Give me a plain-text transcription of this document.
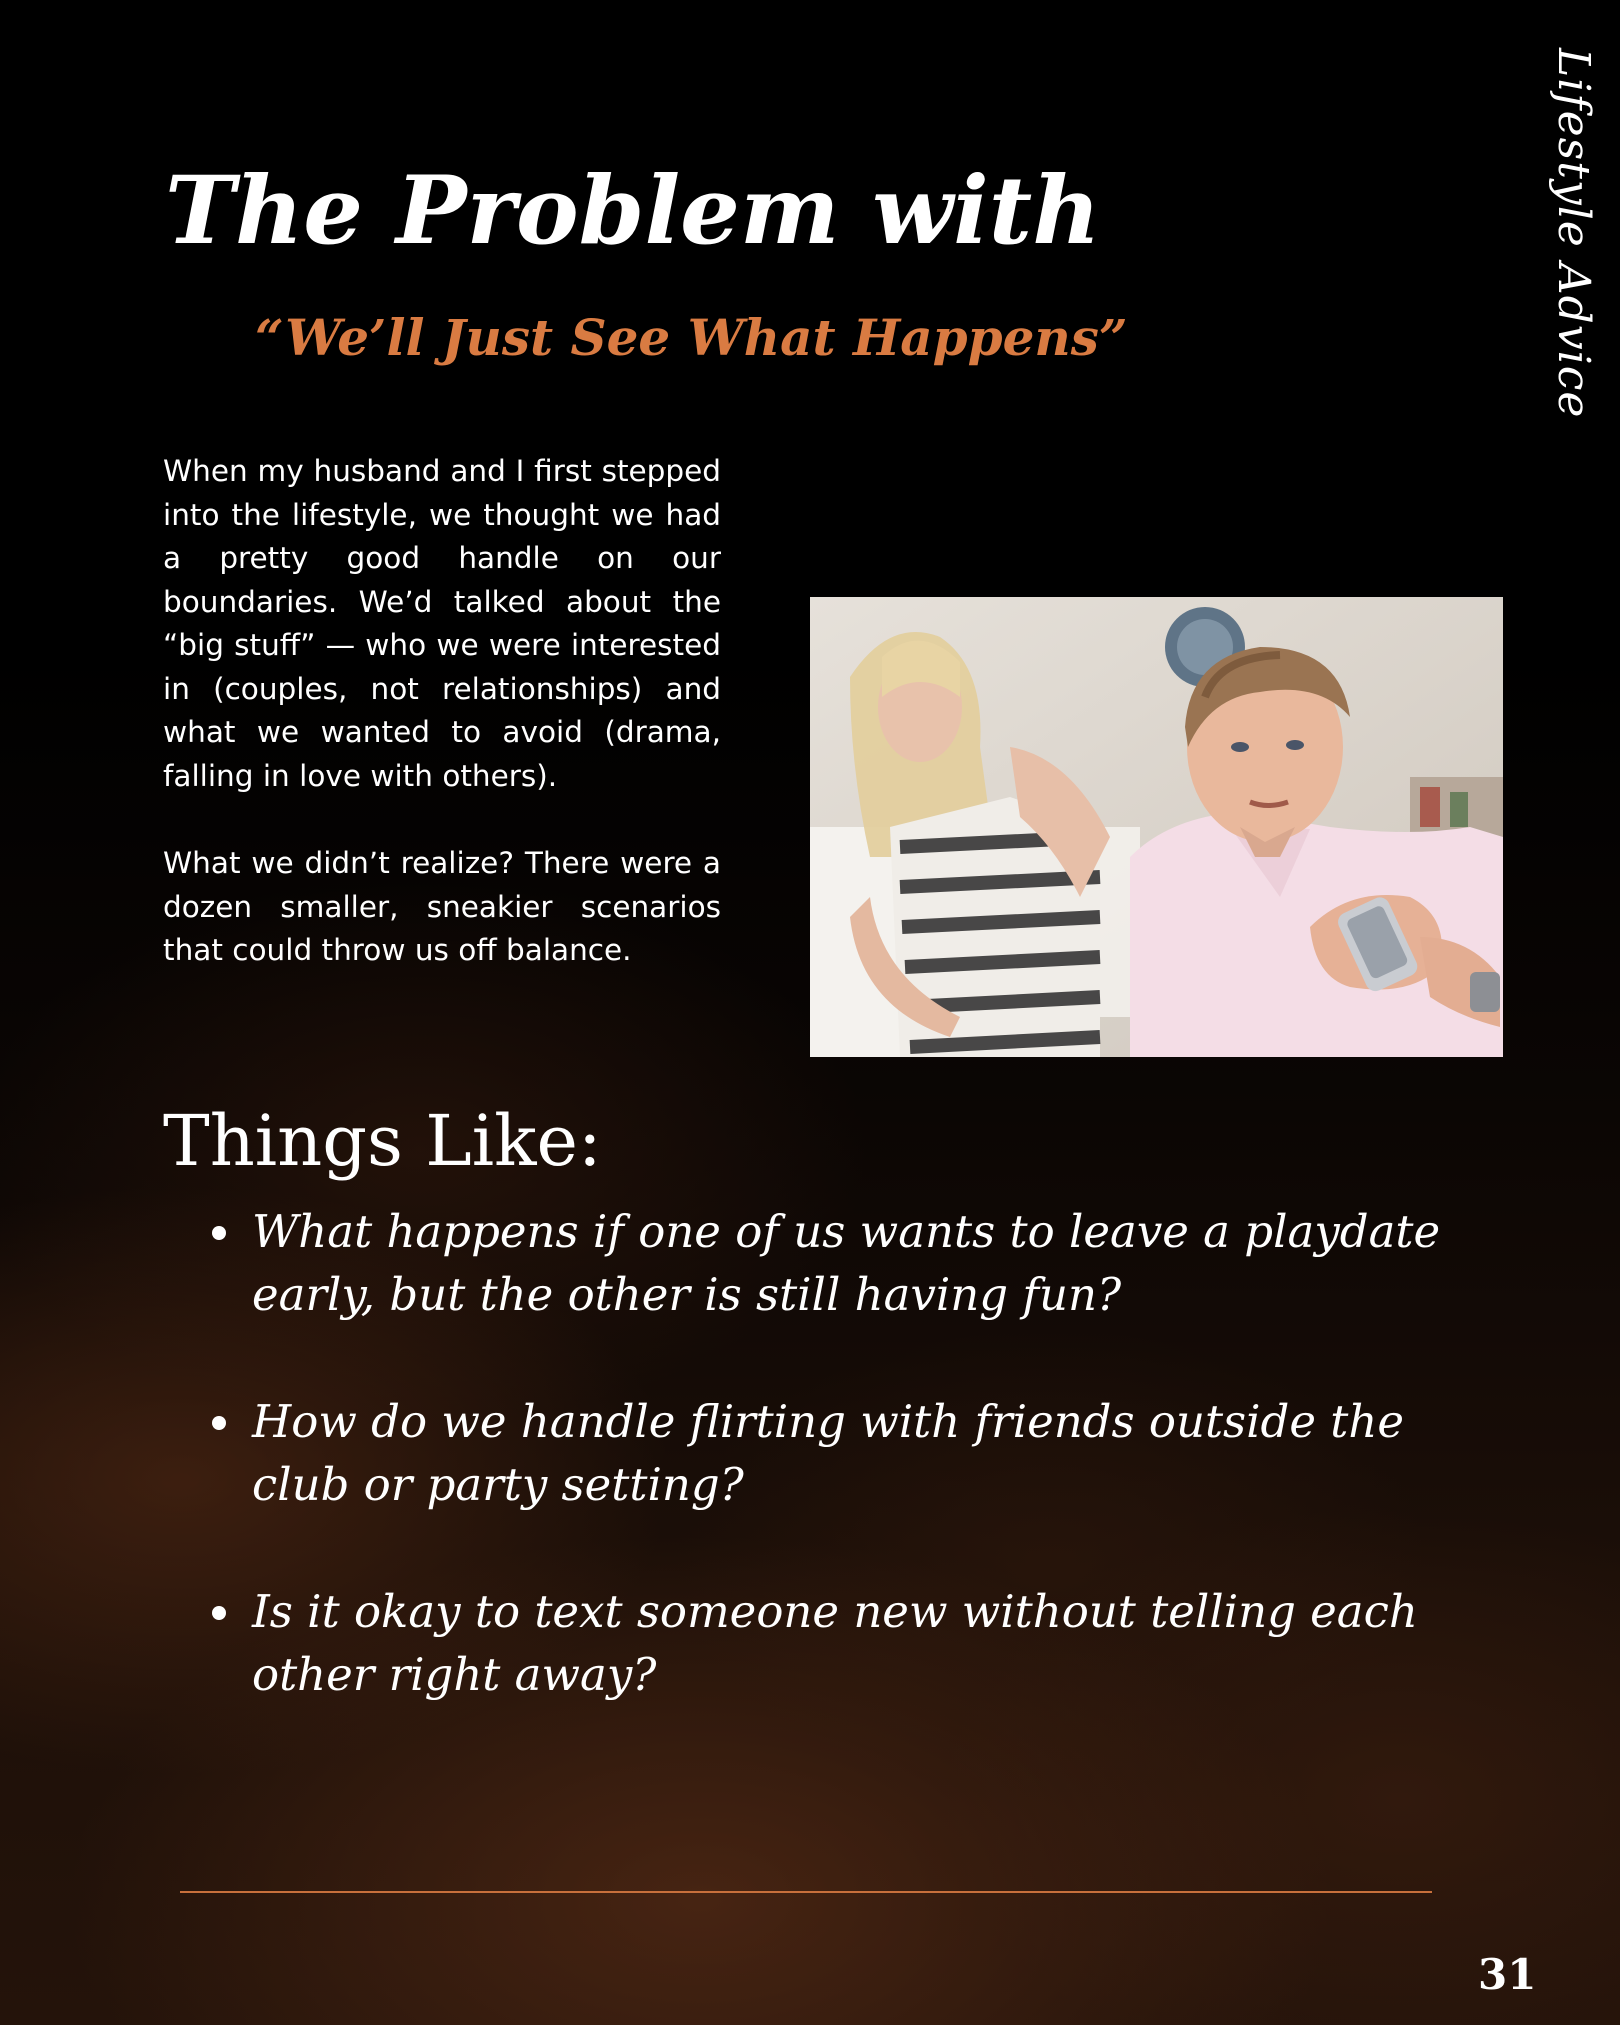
Lifestyle Advice
The Problem with
“We’ll Just See What Happens”

When my husband and I first stepped into the lifestyle, we thought we had a pretty good handle on our boundaries. We’d talked about the “big stuff” — who we were interested in (couples, not relationships) and what we wanted to avoid (drama, falling in love with others).

What we didn’t realize? There were a dozen smaller, sneakier scenarios that could throw us off balance.

Things Like:
What happens if one of us wants to leave a playdate early, but the other is still having fun?
How do we handle flirting with friends outside the club or party setting?
Is it okay to text someone new without telling each other right away?
31
